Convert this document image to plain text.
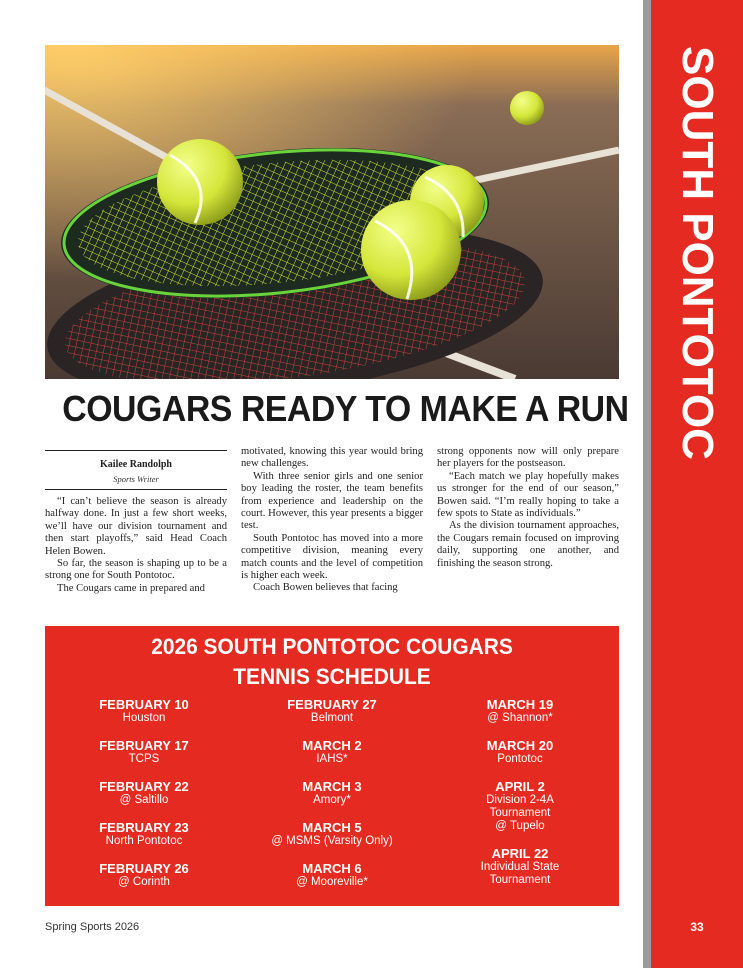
SOUTH PONTOTOC
33
COUGARS READY TO MAKE A RUN
Kailee Randolph
Sports Writer

“I can’t believe the season is already halfway done. In just a few short weeks, we’ll have our division tournament and then start playoffs,” said Head Coach Helen Bowen.

So far, the season is shaping up to be a strong one for South Pontotoc.

The Cougars came in prepared and

motivated, knowing this year would bring new challenges.

With three senior girls and one senior boy leading the roster, the team benefits from experience and leadership on the court. However, this year presents a bigger test.

South Pontotoc has moved into a more competitive division, meaning every match counts and the level of competition is higher each week.

Coach Bowen believes that facing

strong opponents now will only prepare her players for the postseason.

“Each match we play hopefully makes us stronger for the end of our season,” Bowen said. “I’m really hoping to take a few spots to State as individuals.”

As the division tournament approaches, the Cougars remain focused on improving daily, supporting one another, and finishing the season strong.

2026 SOUTH PONTOTOC COUGARS
TENNIS SCHEDULE
FEBRUARY 10
Houston
FEBRUARY 17
TCPS
FEBRUARY 22
@ Saltillo
FEBRUARY 23
North Pontotoc
FEBRUARY 26
@ Corinth
FEBRUARY 27
Belmont
MARCH 2
IAHS*
MARCH 3
Amory*
MARCH 5
@ MSMS (Varsity Only)
MARCH 6
@ Mooreville*
MARCH 19
@ Shannon*
MARCH 20
Pontotoc
APRIL 2
Division 2-4A
Tournament
@ Tupelo
APRIL 22
Individual State
Tournament
Spring Sports 2026
